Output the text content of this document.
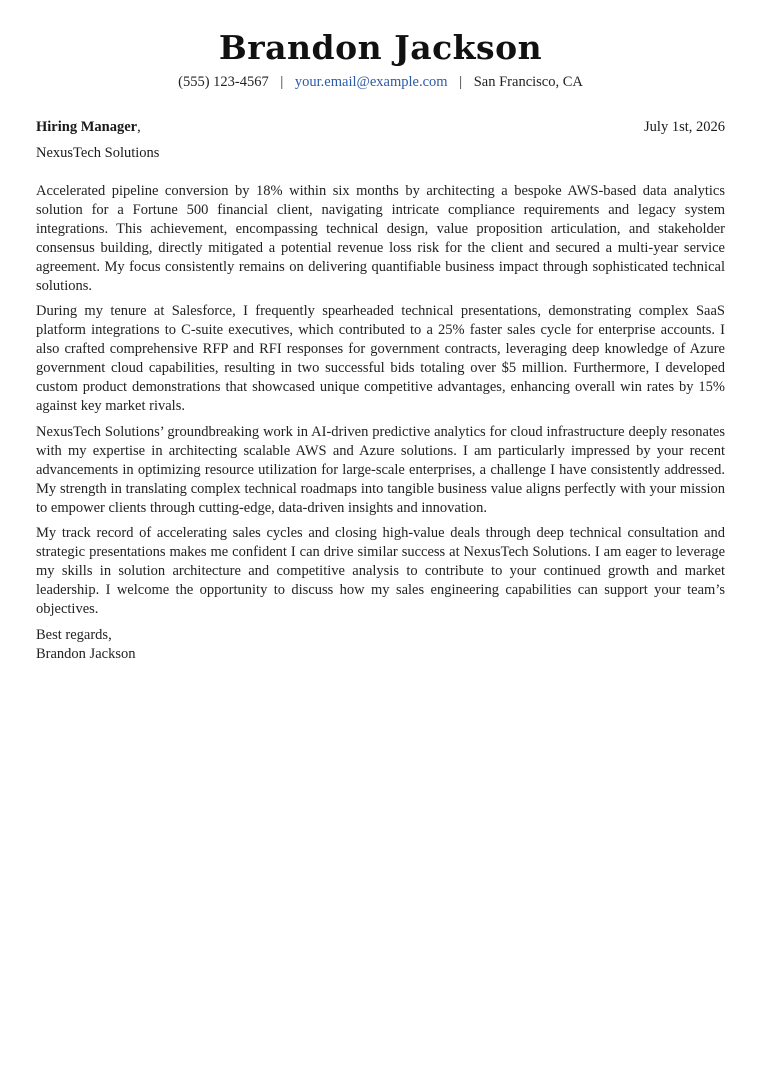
Brandon Jackson
(555) 123-4567 | your.email@example.com | San Francisco, CA
Hiring Manager,	July 1st, 2026
NexusTech Solutions

Accelerated pipeline conversion by 18% within six months by architecting a bespoke AWS-based data analytics solution for a Fortune 500 financial client, navigating intricate compliance requirements and legacy system integrations. This achievement, encompassing technical design, value proposition articulation, and stakeholder consensus building, directly mitigated a potential revenue loss risk for the client and secured a multi-year service agreement. My focus consistently remains on delivering quantifiable business impact through sophisticated technical solutions.

During my tenure at Salesforce, I frequently spearheaded technical presentations, demonstrating complex SaaS platform integrations to C-suite executives, which contributed to a 25% faster sales cycle for enterprise accounts. I also crafted comprehensive RFP and RFI responses for government contracts, leveraging deep knowledge of Azure government cloud capabilities, resulting in two successful bids totaling over $5 million. Furthermore, I developed custom product demonstrations that showcased unique competitive advantages, enhancing overall win rates by 15% against key market rivals.

NexusTech Solutions’ groundbreaking work in AI-driven predictive analytics for cloud infrastructure deeply resonates with my expertise in architecting scalable AWS and Azure solutions. I am particularly impressed by your recent advancements in optimizing resource utilization for large-scale enterprises, a challenge I have consistently addressed. My strength in translating complex technical roadmaps into tangible business value aligns perfectly with your mission to empower clients through cutting-edge, data-driven insights and innovation.

My track record of accelerating sales cycles and closing high-value deals through deep technical consultation and strategic presentations makes me confident I can drive similar success at NexusTech Solutions. I am eager to leverage my skills in solution architecture and competitive analysis to contribute to your continued growth and market leadership. I welcome the opportunity to discuss how my sales engineering capabilities can support your team’s objectives.

Best regards,
Brandon Jackson
